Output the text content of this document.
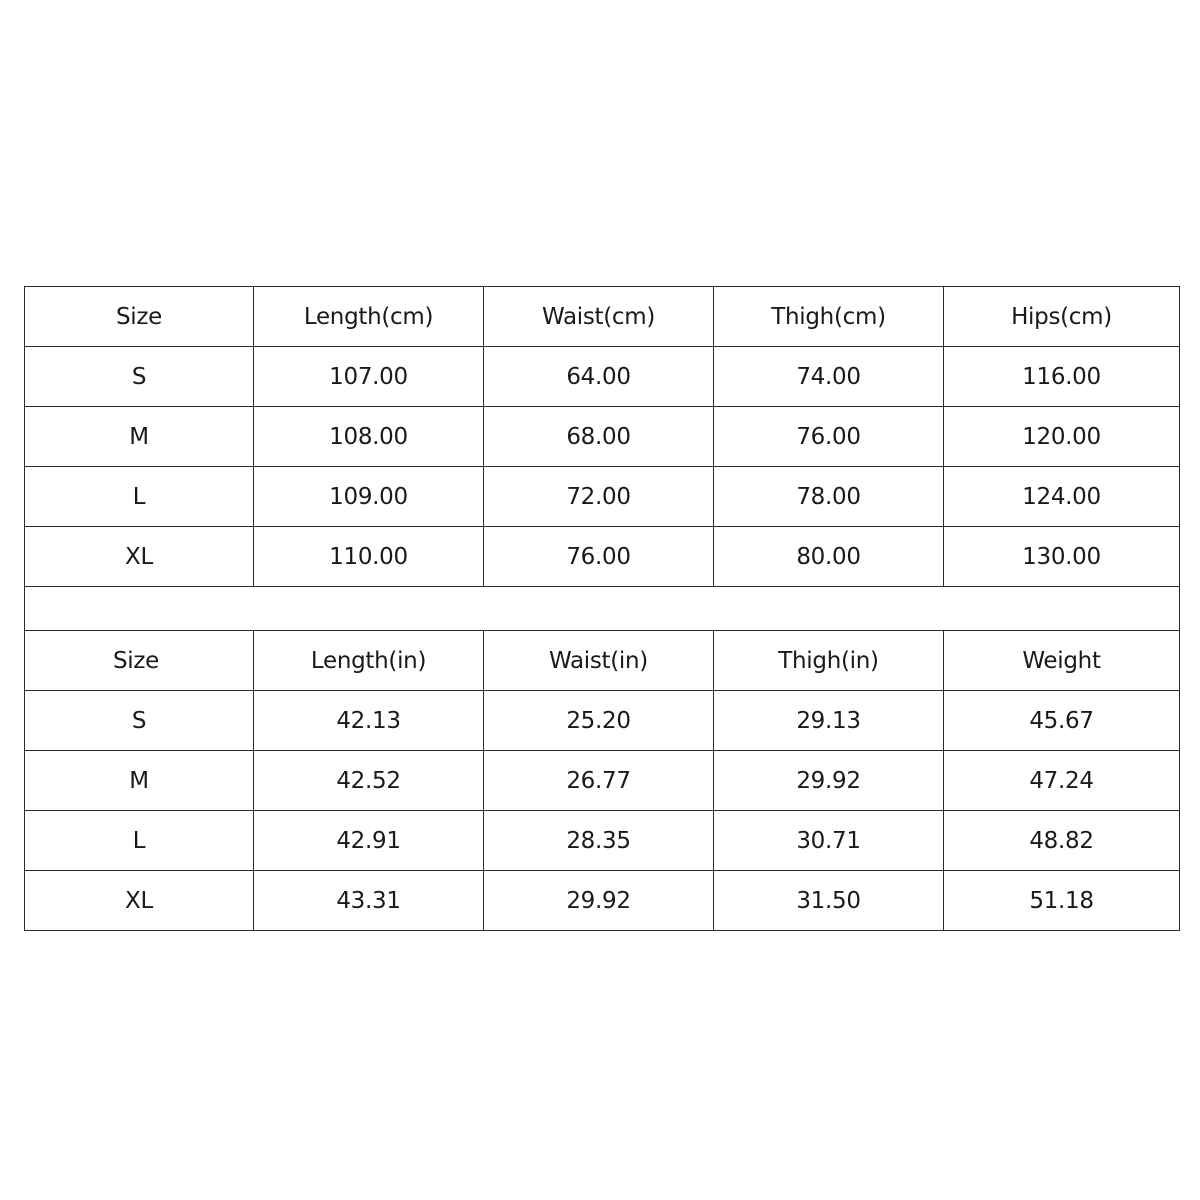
Size	Length(cm)	Waist(cm)	Thigh(cm)	Hips(cm)
S	107.00	64.00	74.00	116.00
M	108.00	68.00	76.00	120.00
L	109.00	72.00	78.00	124.00
XL	110.00	76.00	80.00	130.00

Size	Length(in)	Waist(in)	Thigh(in)	Weight
S	42.13	25.20	29.13	45.67
M	42.52	26.77	29.92	47.24
L	42.91	28.35	30.71	48.82
XL	43.31	29.92	31.50	51.18
